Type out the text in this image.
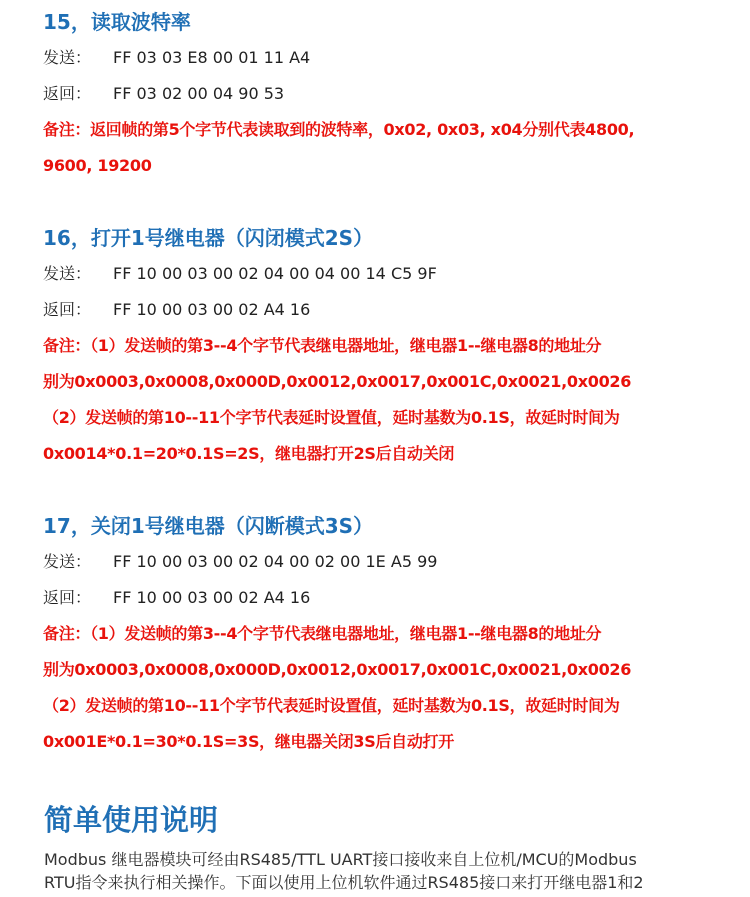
15，读取波特率
发送： FF 03 03 E8 00 01 11 A4
返回： FF 03 02 00 04 90 53
备注：返回帧的第5个字节代表读取到的波特率，0x02, 0x03, x04分别代表4800,
9600, 19200
16，打开1号继电器（闪闭模式2S）
发送： FF 10 00 03 00 02 04 00 04 00 14 C5 9F
返回： FF 10 00 03 00 02 A4 16
备注：（1）发送帧的第3--4个字节代表继电器地址，继电器1--继电器8的地址分
别为0x0003,0x0008,0x000D,0x0012,0x0017,0x001C,0x0021,0x0026
（2）发送帧的第10--11个字节代表延时设置值，延时基数为0.1S，故延时时间为
0x0014*0.1=20*0.1S=2S，继电器打开2S后自动关闭
17，关闭1号继电器（闪断模式3S）
发送： FF 10 00 03 00 02 04 00 02 00 1E A5 99
返回： FF 10 00 03 00 02 A4 16
备注：（1）发送帧的第3--4个字节代表继电器地址，继电器1--继电器8的地址分
别为0x0003,0x0008,0x000D,0x0012,0x0017,0x001C,0x0021,0x0026
（2）发送帧的第10--11个字节代表延时设置值，延时基数为0.1S，故延时时间为
0x001E*0.1=30*0.1S=3S，继电器关闭3S后自动打开
简单使用说明
Modbus 继电器模块可经由RS485/TTL UART接口接收来自上位机/MCU的Modbus
RTU指令来执行相关操作。下面以使用上位机软件通过RS485接口来打开继电器1和2
